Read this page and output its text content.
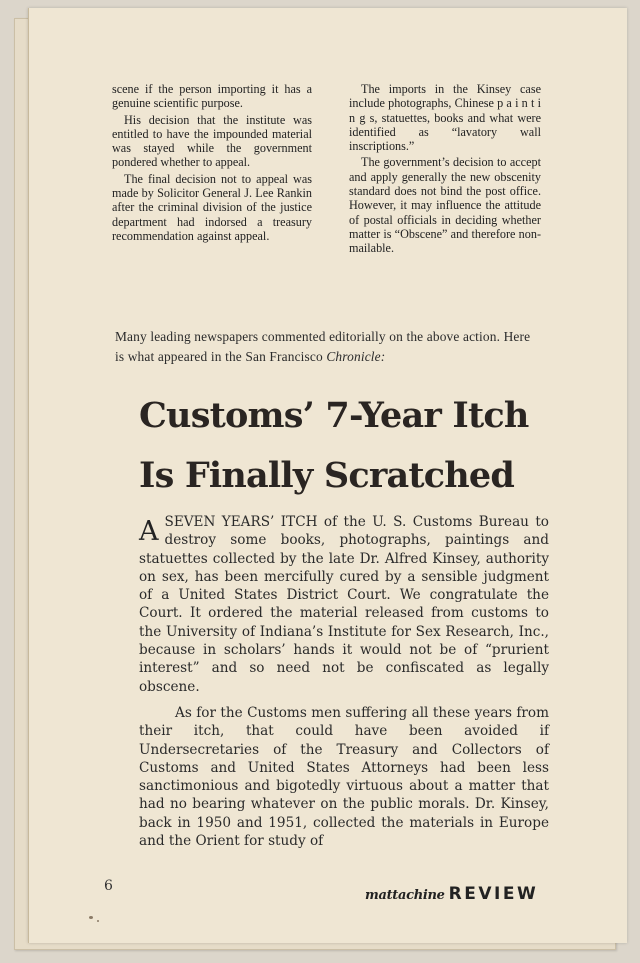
scene if the person importing it has a genuine scientific purpose.

His decision that the institute was entitled to have the impounded material was stayed while the government pondered whether to appeal.

The final decision not to appeal was made by Solicitor General J. Lee Rankin after the criminal division of the justice department had indorsed a treasury recommendation against appeal.

The imports in the Kinsey case include photographs, Chinese p a i n t i n g s, statuettes, books and what were identified as “lavatory wall inscriptions.”

The government’s decision to accept and apply generally the new obscenity standard does not bind the post office. However, it may influence the attitude of postal officials in deciding whether matter is “Obscene” and therefore non-mailable.

Many leading newspapers commented editorially on the above action. Here is what appeared in the San Francisco Chronicle:

Customs’ 7-Year Itch
Is Finally Scratched

ASEVEN YEARS’ ITCH of the U. S. Customs Bureau to destroy some books, photographs, paintings and statuettes collected by the late Dr. Alfred Kinsey, authority on sex, has been mercifully cured by a sensible judgment of a United States District Court. We congratulate the Court. It ordered the material released from customs to the University of Indiana’s Institute for Sex Research, Inc., because in scholars’ hands it would not be of “prurient interest” and so need not be confiscated as legally obscene.

As for the Customs men suffering all these years from their itch, that could have been avoided if Undersecretaries of the Treasury and Collectors of Customs and United States Attorneys had been less sanctimonious and bigotedly virtuous about a matter that had no bearing whatever on the public morals. Dr. Kinsey, back in 1950 and 1951, collected the materials in Europe and the Orient for study of

6
mattachine REVIEW
